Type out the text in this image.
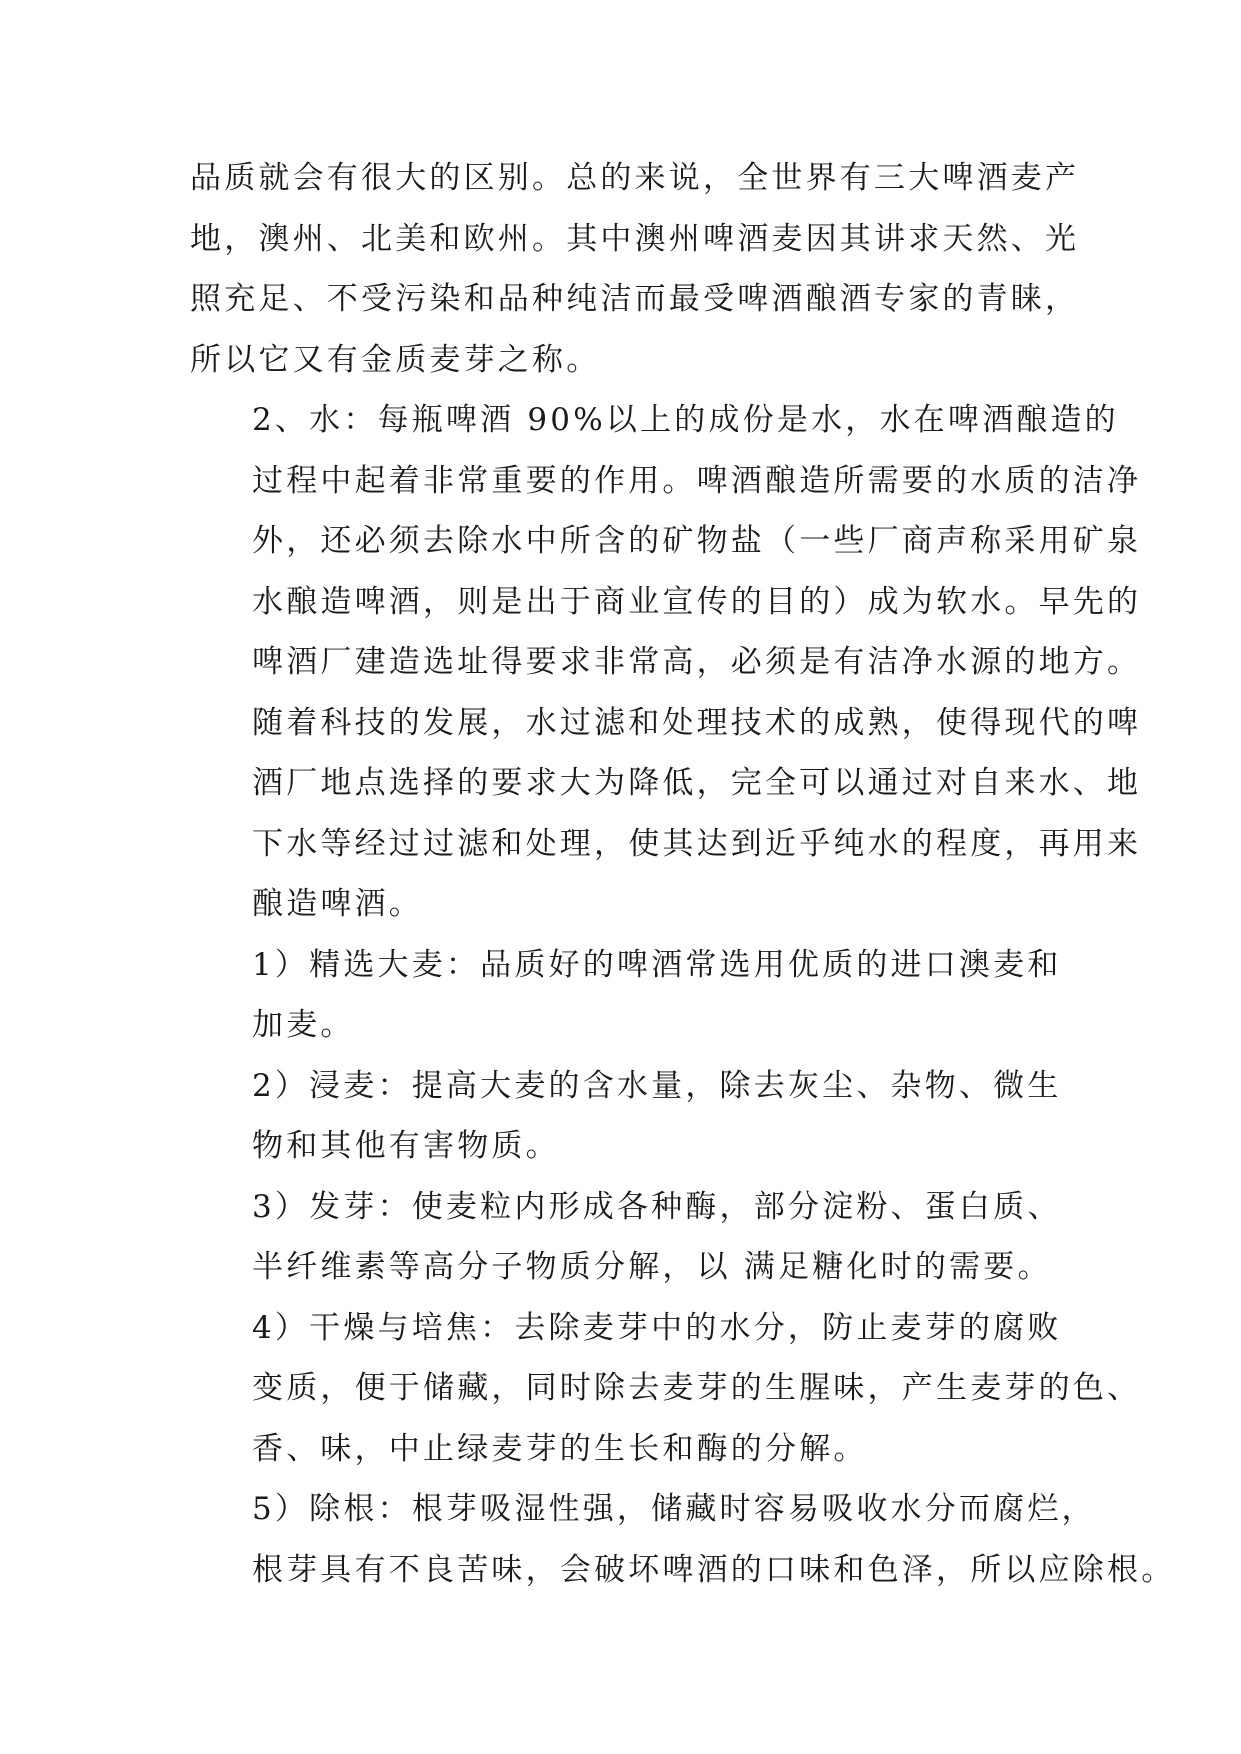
品质就会有很大的区别。总的来说，全世界有三大啤酒麦产
地，澳州、北美和欧州。其中澳州啤酒麦因其讲求天然、光
照充足、不受污染和品种纯洁而最受啤酒酿酒专家的青睐，
所以它又有金质麦芽之称。

2、水：每瓶啤酒 90%以上的成份是水，水在啤酒酿造的
过程中起着非常重要的作用。啤酒酿造所需要的水质的洁净
外，还必须去除水中所含的矿物盐（一些厂商声称采用矿泉
水酿造啤酒，则是出于商业宣传的目的）成为软水。早先的
啤酒厂建造选址得要求非常高，必须是有洁净水源的地方。
随着科技的发展，水过滤和处理技术的成熟，使得现代的啤
酒厂地点选择的要求大为降低，完全可以通过对自来水、地
下水等经过过滤和处理，使其达到近乎纯水的程度，再用来
酿造啤酒。

1）精选大麦：品质好的啤酒常选用优质的进口澳麦和
加麦。

2）浸麦：提高大麦的含水量，除去灰尘、杂物、微生
物和其他有害物质。

3）发芽：使麦粒内形成各种酶，部分淀粉、蛋白质、
半纤维素等高分子物质分解，以 满足糖化时的需要。

4）干燥与培焦：去除麦芽中的水分，防止麦芽的腐败
变质，便于储藏，同时除去麦芽的生腥味，产生麦芽的色、
香、味，中止绿麦芽的生长和酶的分解。

5）除根：根芽吸湿性强，储藏时容易吸收水分而腐烂，
根芽具有不良苦味，会破坏啤酒的口味和色泽，所以应除根。
